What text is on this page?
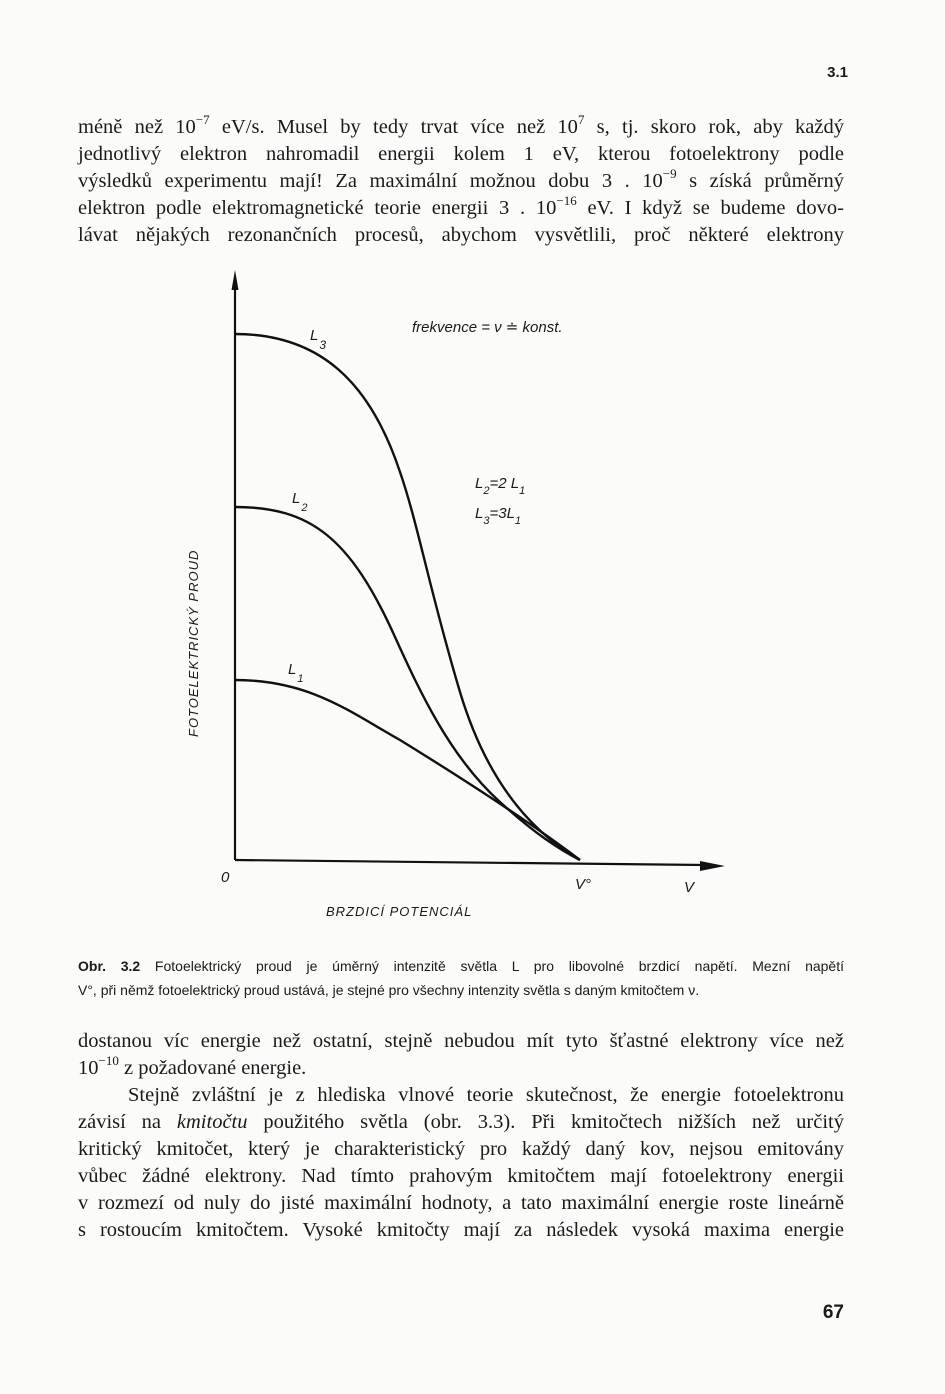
3.1

méně než $10^{-7}$ eV/s. Musel by tedy trvat více než $10^7$ s, tj. skoro rok, aby každý
jednotlivý elektron nahromadil energii kolem 1 eV, kterou fotoelektrony podle
výsledků experimentu mají! Za maximální možnou dobu 3 . $10^{-9}$ s získá průměrný
elektron podle elektromagnetické teorie energii 3 . $10^{-16}$ eV. I když se budeme dovo-
lávat nějakých rezonančních procesů, abychom vysvětlili, proč některé elektrony

frekvence = ν ≐ konst.
$L_3$
$L_2$
$L_1$
$L_2=2$ $L_1$
$L_3=3L_1$
FOTOELEKTRICKÝ PROUD
0	V°	V
BRZDICÍ POTENCIÁL

Obr. 3.2 Fotoelektrický proud je úměrný intenzitě světla L pro libovolné brzdicí napětí. Mezní napětí
V°, při němž fotoelektrický proud ustává, je stejné pro všechny intenzity světla s daným kmitočtem ν.

dostanou víc energie než ostatní, stejně nebudou mít tyto šťastné elektrony více než
$10^{-10}$ z požadované energie.

Stejně zvláštní je z hlediska vlnové teorie skutečnost, že energie fotoelektronu
závisí na kmitočtu použitého světla (obr. 3.3). Při kmitočtech nižších než určitý
kritický kmitočet, který je charakteristický pro každý daný kov, nejsou emitovány
vůbec žádné elektrony. Nad tímto prahovým kmitočtem mají fotoelektrony energii
v rozmezí od nuly do jisté maximální hodnoty, a tato maximální energie roste lineárně
s rostoucím kmitočtem. Vysoké kmitočty mají za následek vysoká maxima energie

67
